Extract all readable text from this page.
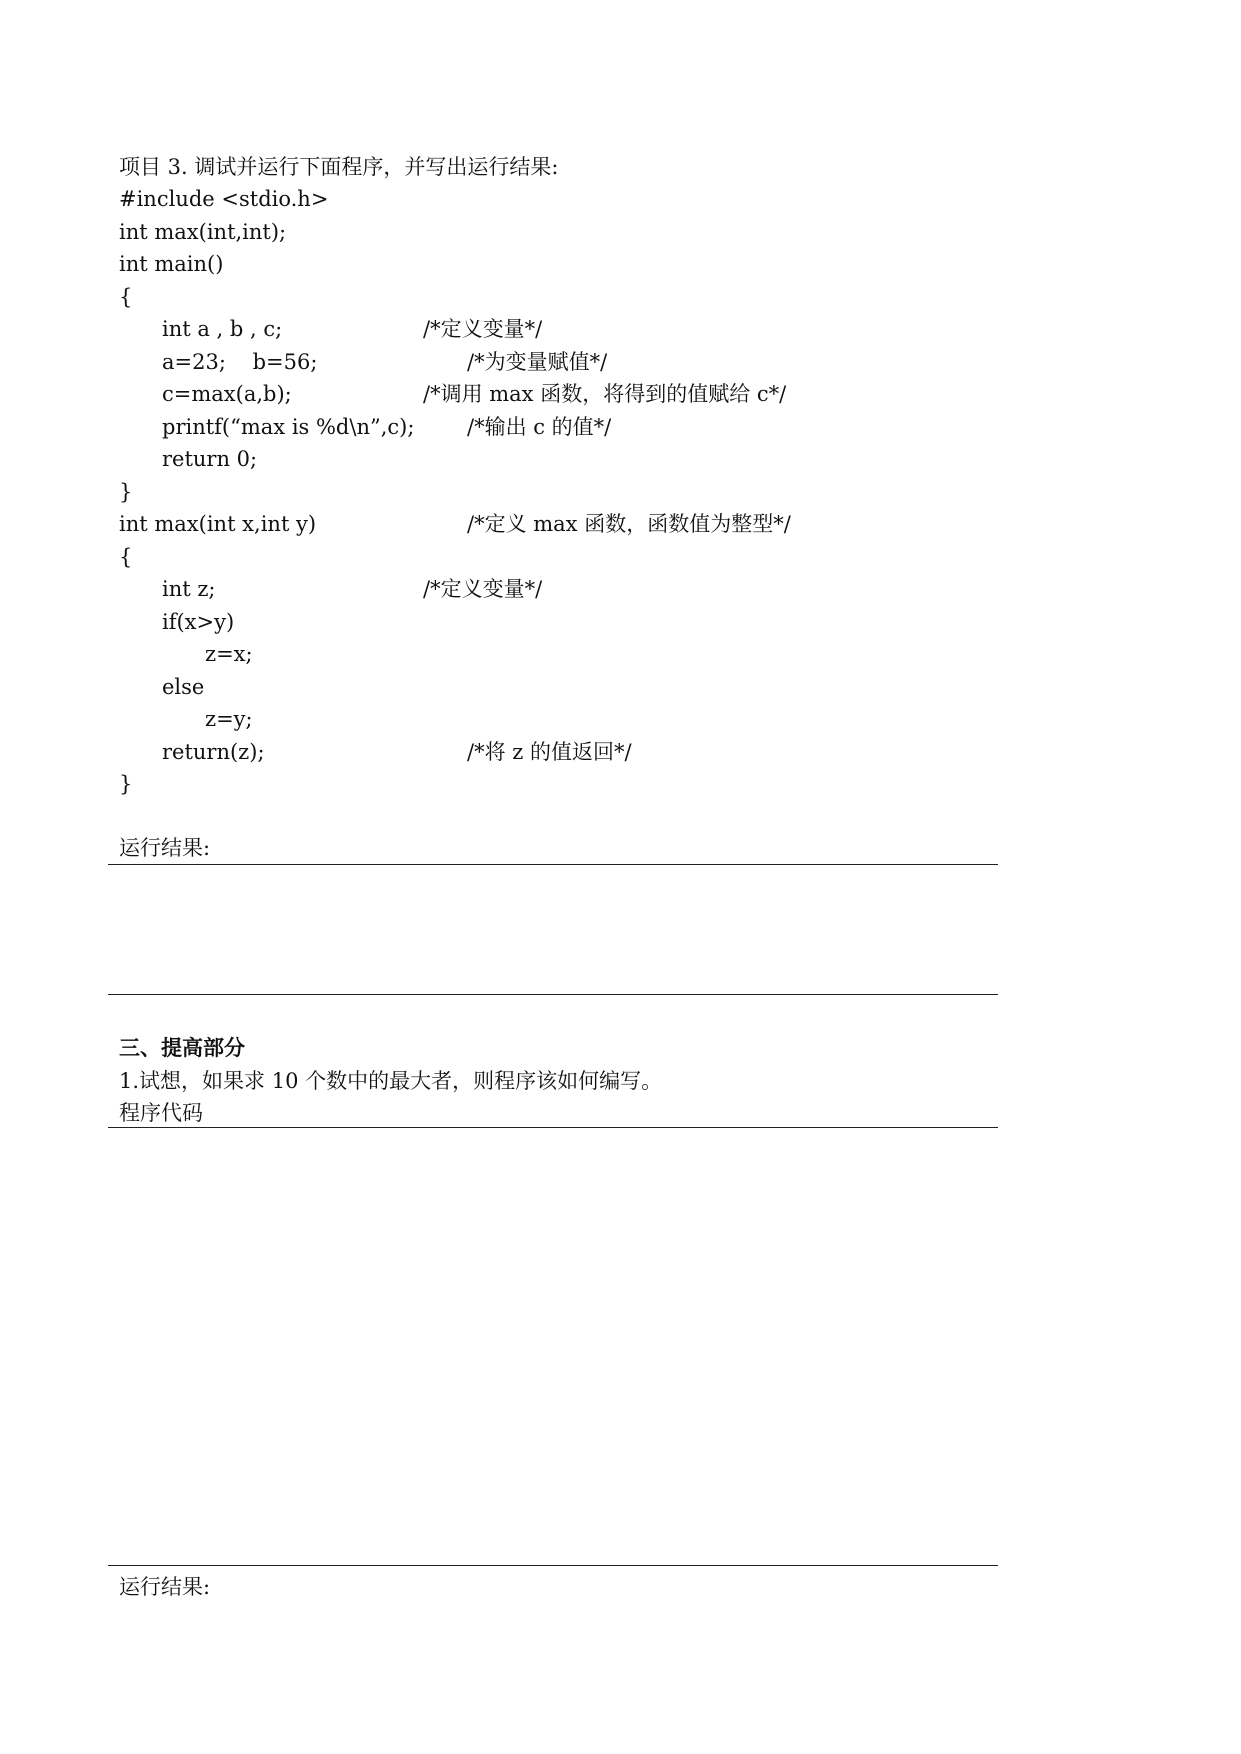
项目 3. 调试并运行下面程序，并写出运行结果:
#include <stdio.h>
int max(int,int);
int main()
{
int a , b , c;	/*定义变量*/
a=23;    b=56;	/*为变量赋值*/
c=max(a,b);	/*调用 max 函数，将得到的值赋给 c*/
printf(“max is %d\n”,c);	/*输出 c 的值*/
return 0;
}
int max(int x,int y)	/*定义 max 函数，函数值为整型*/
{
int z;	/*定义变量*/
if(x>y)
z=x;
else
z=y;
return(z);	/*将 z 的值返回*/
}
运行结果:
三、提高部分
1.试想，如果求 10 个数中的最大者，则程序该如何编写。
程序代码
运行结果:
